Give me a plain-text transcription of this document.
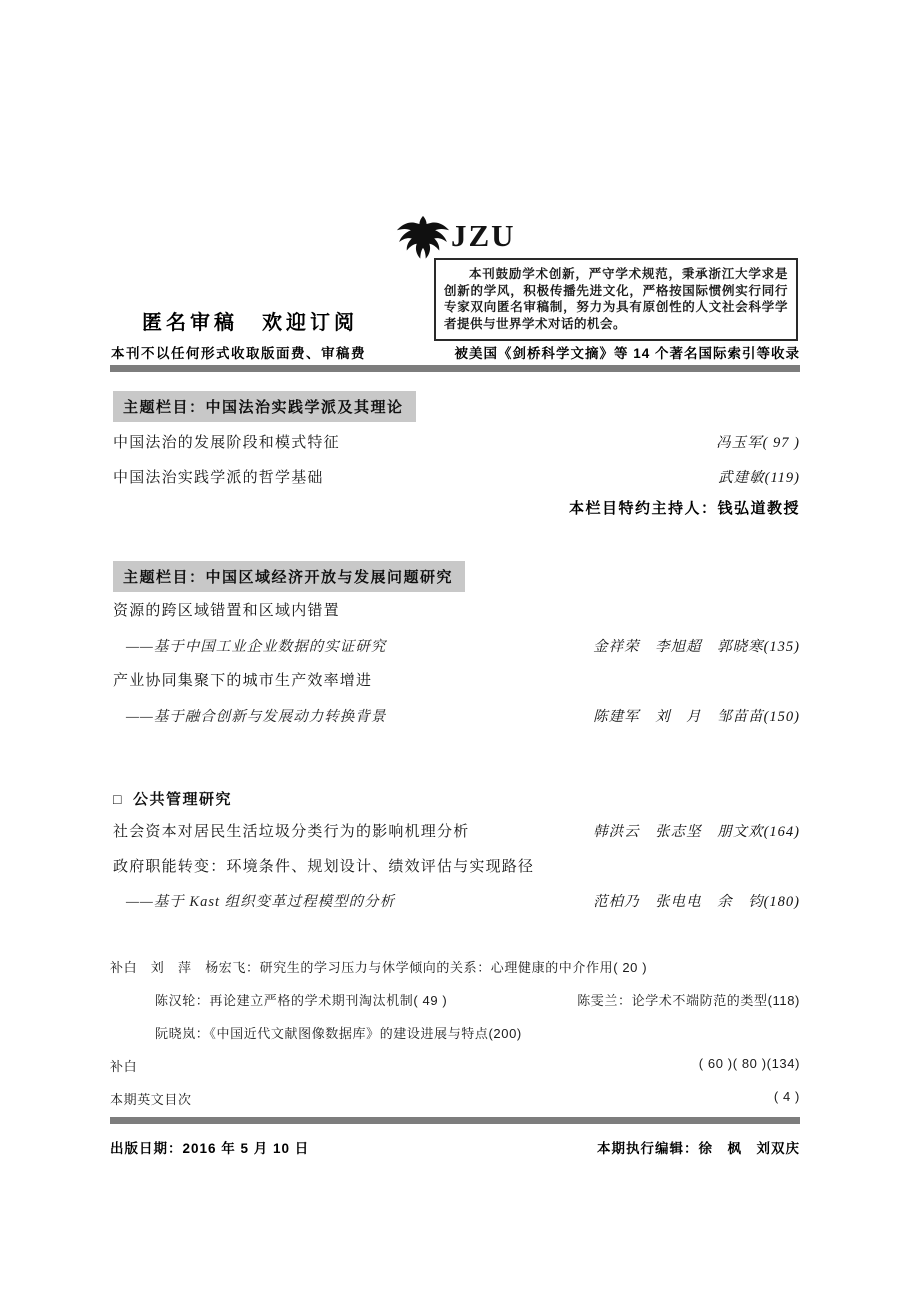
JZU

本刊鼓励学术创新，严守学术规范，秉承浙江大学求是创新的学风，积极传播先进文化，严格按国际惯例实行同行专家双向匿名审稿制，努力为具有原创性的人文社会科学学者提供与世界学术对话的机会。

匿名审稿　欢迎订阅
本刊不以任何形式收取版面费、审稿费	被美国《剑桥科学文摘》等 14 个著名国际索引等收录
主题栏目：中国法治实践学派及其理论
中国法治的发展阶段和模式特征	冯玉军( 97 )
中国法治实践学派的哲学基础	武建敏(119)
本栏目特约主持人：钱弘道教授
主题栏目：中国区域经济开放与发展问题研究
资源的跨区域错置和区域内错置
——基于中国工业企业数据的实证研究	金祥荣　李旭超　郭晓寒(135)
产业协同集聚下的城市生产效率增进
——基于融合创新与发展动力转换背景	陈建军　刘　月　邹苗苗(150)
□ 公共管理研究
社会资本对居民生活垃圾分类行为的影响机理分析	韩洪云　张志坚　朋文欢(164)
政府职能转变：环境条件、规划设计、绩效评估与实现路径
——基于 Kast 组织变革过程模型的分析	范柏乃　张电电　余　钧(180)
补白　刘　萍　杨宏飞：研究生的学习压力与休学倾向的关系：心理健康的中介作用( 20 )
陈汉轮：再论建立严格的学术期刊淘汰机制( 49 )	陈雯兰：论学术不端防范的类型(118)
阮晓岚：《中国近代文献图像数据库》的建设进展与特点(200)
补白	( 60 )( 80 )(134)
本期英文目次	( 4 )
出版日期：2016 年 5 月 10 日	本期执行编辑：徐　枫　刘双庆
